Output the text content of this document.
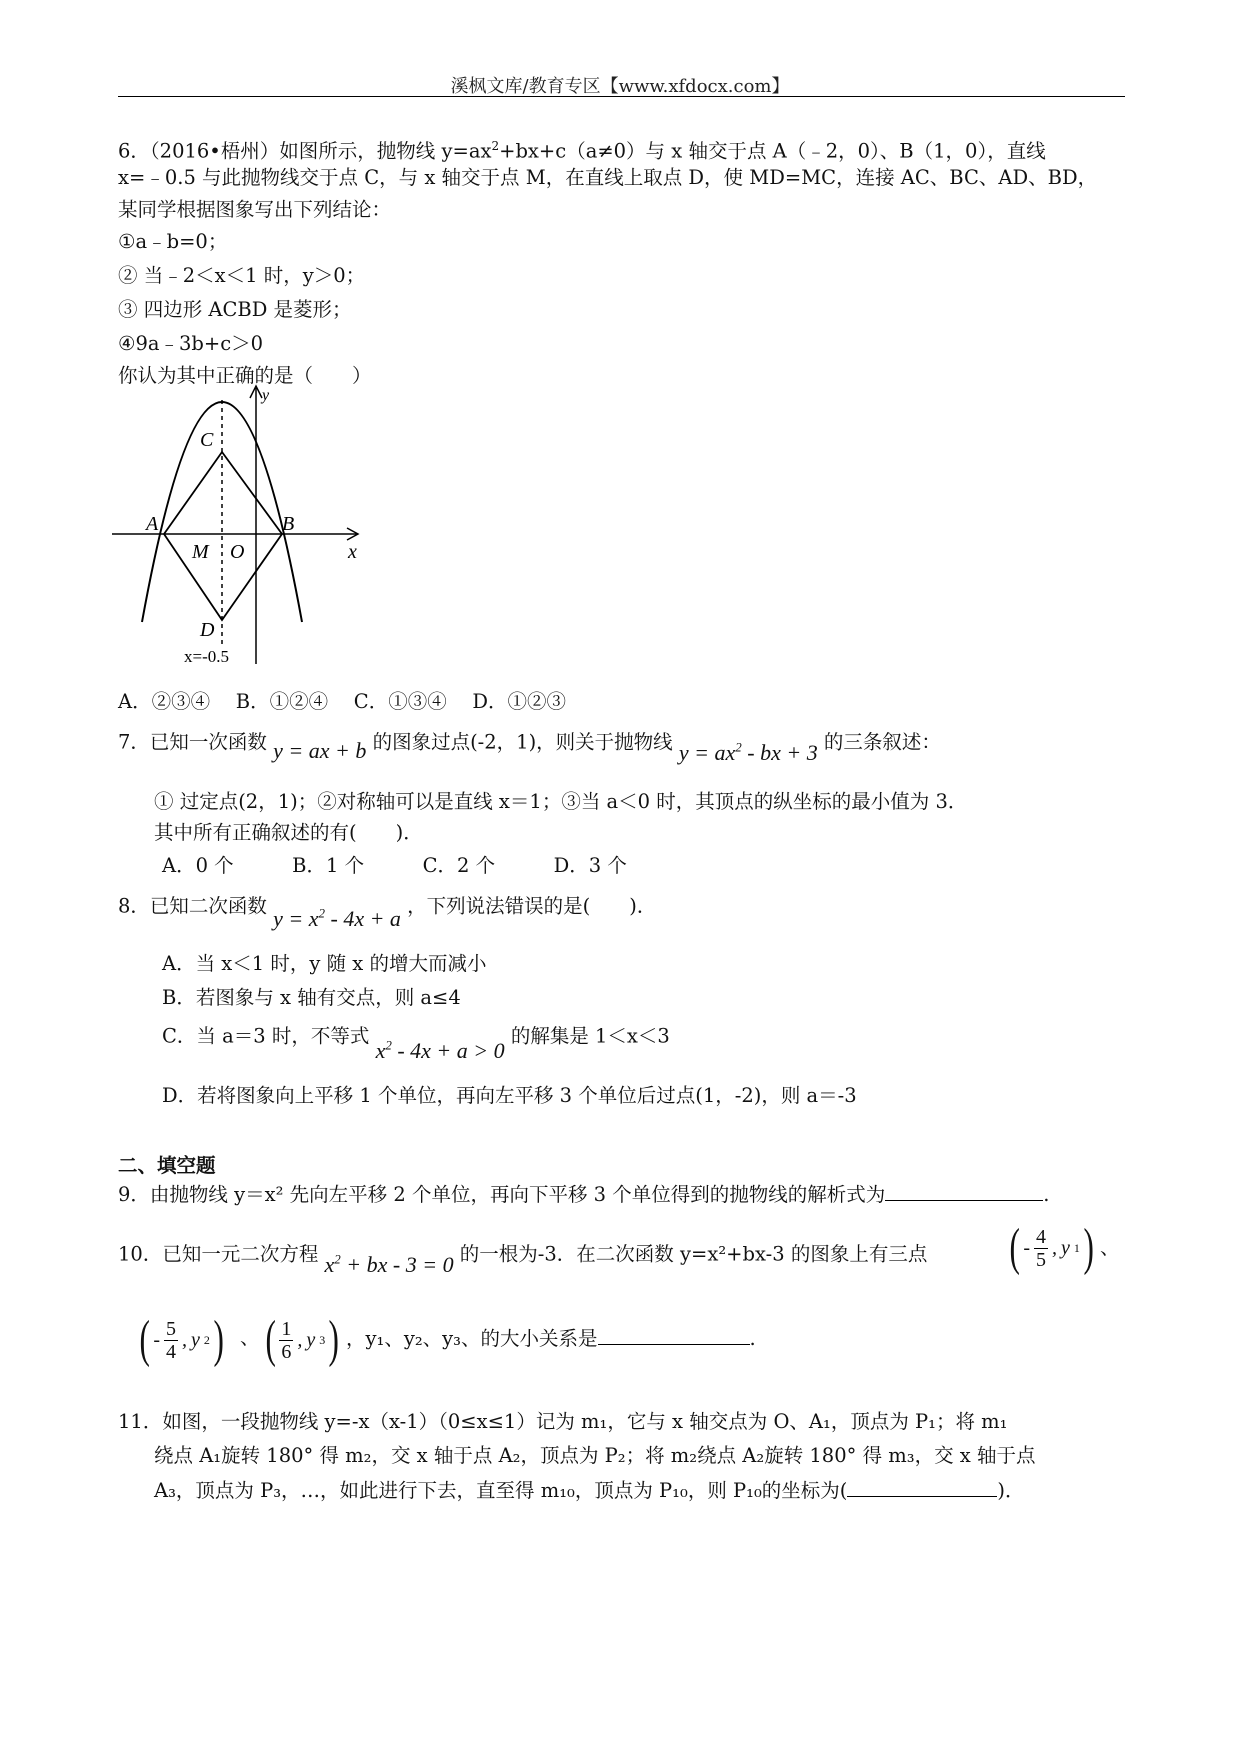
溪枫文库/教育专区【www.xfdocx.com】
6．（2016•梧州）如图所示，抛物线 $y=ax^2+bx+c(a\ne 0)$与 x 轴交于点 A（﹣2，0）、B（1，0），直线
x=﹣0.5 与此抛物线交于点 C，与 x 轴交于点 M，在直线上取点 D，使 MD=MC，连接 AC、BC、AD、BD，
某同学根据图象写出下列结论：
①a﹣b=0；
② 当﹣2＜x＜1 时，y＞0；
③ 四边形 ACBD 是菱形；
④9a﹣3b+c＞0
你认为其中正确的是（　　）
C
A	B
M O
D
x
y
x=-0.5
A．②③④　 B．①②④　 C．①③④　 D．①②③
7．已知一次函数 y = ax + b 的图象过点(-2，1)，则关于抛物线 $y = ax^2$ - bx + 3 的三条叙述：
① 过定点(2，1)；②对称轴可以是直线 x＝1；③当 a＜0 时，其顶点的纵坐标的最小值为 3．
其中所有正确叙述的有(　　)．
A．0 个　　　B．1 个　　　C．2 个　　　D．3 个
8．已知二次函数 $y = x^2 - 4x + a$ ，下列说法错误的是(　　)．
A．当 x＜1 时，y 随 x 的增大而减小
B．若图象与 x 轴有交点，则 a≤4
C．当 a＝3 时，不等式 $x^2 - 4x + a > 0$ 的解集是 1＜x＜3
D．若将图象向上平移 1 个单位，再向左平移 3 个单位后过点(1，-2)，则 a＝-3
二、填空题
9．由抛物线 y＝x² 先向左平移 2 个单位，再向下平移 3 个单位得到的抛物线的解析式为	.
10．已知一元二次方程 $x^2$ + bx - 3 = 0 的一根为-3．在二次函数 y=x²+bx-3 的图象上有三点 ( - $\frac{4}{5}$ , y 1 ) 、
( - $\frac{5}{4}$ , y 2 ) 、 ( $\frac{1}{6}$ , y 3 ) ，y₁、y₂、y₃、的大小关系是	.
11．如图，一段抛物线 y=-x（x-1）（0≤x≤1）记为 m₁，它与 x 轴交点为 O、A₁，顶点为 P₁；将 m₁
绕点 A₁旋转 180° 得 m₂，交 x 轴于点 A₂，顶点为 P₂；将 m₂绕点 A₂旋转 180° 得 m₃，交 x 轴于点
A₃，顶点为 P₃，…，如此进行下去，直至得 m₁₀，顶点为 P₁₀，则 P₁₀的坐标为(	)．
